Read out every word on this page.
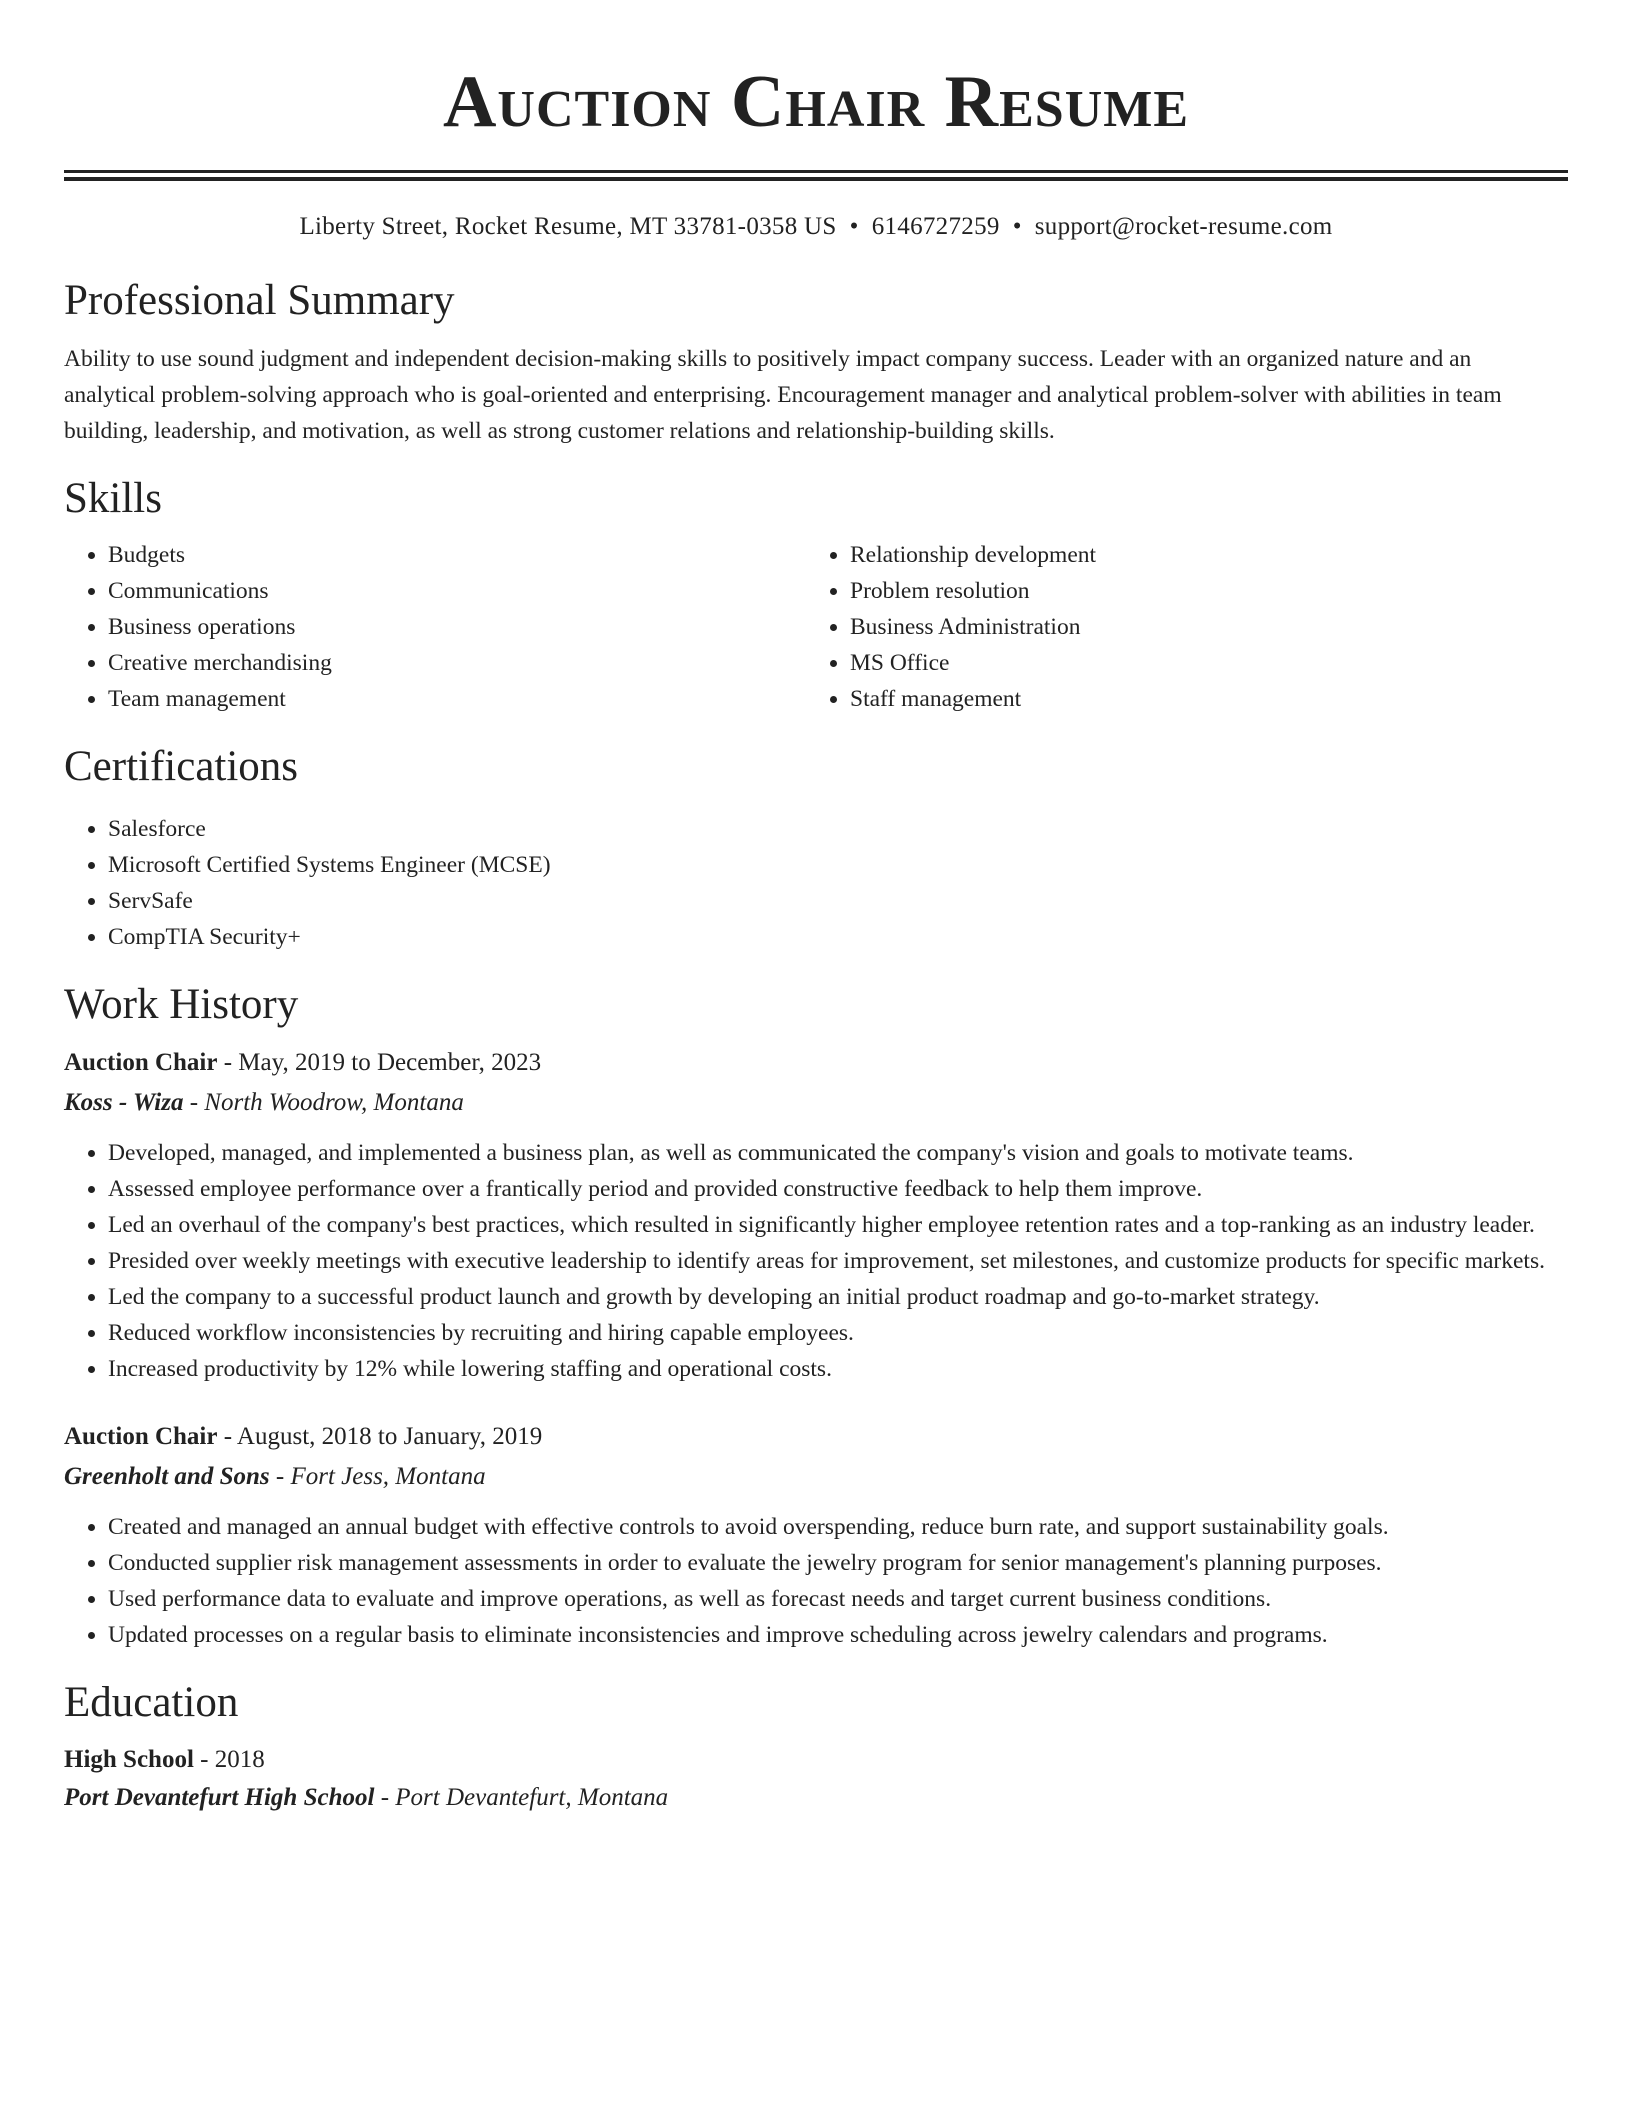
Auction Chair Resume
Liberty Street, Rocket Resume, MT 33781-0358 US • 6146727259 • support@rocket-resume.com
Professional Summary

Ability to use sound judgment and independent decision-making skills to positively impact company success. Leader with an organized nature and an analytical problem-solving approach who is goal-oriented and enterprising. Encouragement manager and analytical problem-solver with abilities in team building, leadership, and motivation, as well as strong customer relations and relationship-building skills.

Skills
• Budgets
• Communications
• Business operations
• Creative merchandising
• Team management
• Relationship development
• Problem resolution
• Business Administration
• MS Office
• Staff management
Certifications
• Salesforce
• Microsoft Certified Systems Engineer (MCSE)
• ServSafe
• CompTIA Security+
Work History
Auction Chair - May, 2019 to December, 2023
Koss - Wiza - North Woodrow, Montana
• Developed, managed, and implemented a business plan, as well as communicated the company's vision and goals to motivate teams.
• Assessed employee performance over a frantically period and provided constructive feedback to help them improve.
• Led an overhaul of the company's best practices, which resulted in significantly higher employee retention rates and a top-ranking as an industry leader.
• Presided over weekly meetings with executive leadership to identify areas for improvement, set milestones, and customize products for specific markets.
• Led the company to a successful product launch and growth by developing an initial product roadmap and go-to-market strategy.
• Reduced workflow inconsistencies by recruiting and hiring capable employees.
• Increased productivity by 12% while lowering staffing and operational costs.
Auction Chair - August, 2018 to January, 2019
Greenholt and Sons - Fort Jess, Montana
• Created and managed an annual budget with effective controls to avoid overspending, reduce burn rate, and support sustainability goals.
• Conducted supplier risk management assessments in order to evaluate the jewelry program for senior management's planning purposes.
• Used performance data to evaluate and improve operations, as well as forecast needs and target current business conditions.
• Updated processes on a regular basis to eliminate inconsistencies and improve scheduling across jewelry calendars and programs.
Education
High School - 2018
Port Devantefurt High School - Port Devantefurt, Montana
